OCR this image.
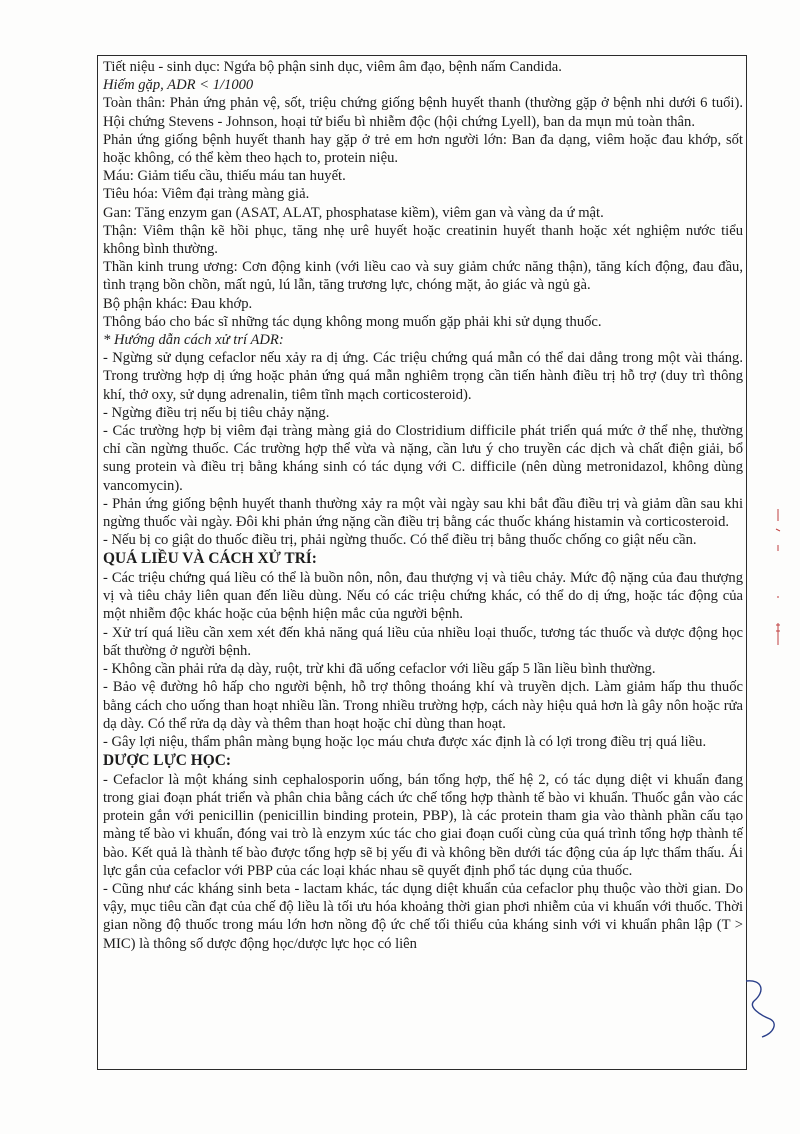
Tiết niệu - sinh dục: Ngứa bộ phận sinh dục, viêm âm đạo, bệnh nấm Candida.

Hiếm gặp, ADR < 1/1000

Toàn thân: Phản ứng phản vệ, sốt, triệu chứng giống bệnh huyết thanh (thường gặp ở bệnh nhi dưới 6 tuổi). Hội chứng Stevens - Johnson, hoại tử biểu bì nhiễm độc (hội chứng Lyell), ban da mụn mủ toàn thân.

Phản ứng giống bệnh huyết thanh hay gặp ở trẻ em hơn người lớn: Ban đa dạng, viêm hoặc đau khớp, sốt hoặc không, có thể kèm theo hạch to, protein niệu.

Máu: Giảm tiểu cầu, thiếu máu tan huyết.

Tiêu hóa: Viêm đại tràng màng giả.

Gan: Tăng enzym gan (ASAT, ALAT, phosphatase kiềm), viêm gan và vàng da ứ mật.

Thận: Viêm thận kẽ hồi phục, tăng nhẹ urê huyết hoặc creatinin huyết thanh hoặc xét nghiệm nước tiểu không bình thường.

Thần kinh trung ương: Cơn động kinh (với liều cao và suy giảm chức năng thận), tăng kích động, đau đầu, tình trạng bồn chồn, mất ngủ, lú lẫn, tăng trương lực, chóng mặt, ảo giác và ngủ gà.

Bộ phận khác: Đau khớp.

Thông báo cho bác sĩ những tác dụng không mong muốn gặp phải khi sử dụng thuốc.

* Hướng dẫn cách xử trí ADR:

- Ngừng sử dụng cefaclor nếu xảy ra dị ứng. Các triệu chứng quá mẫn có thể dai dẳng trong một vài tháng. Trong trường hợp dị ứng hoặc phản ứng quá mẫn nghiêm trọng cần tiến hành điều trị hỗ trợ (duy trì thông khí, thở oxy, sử dụng adrenalin, tiêm tĩnh mạch corticosteroid).

- Ngừng điều trị nếu bị tiêu chảy nặng.

- Các trường hợp bị viêm đại tràng màng giả do Clostridium difficile phát triển quá mức ở thể nhẹ, thường chỉ cần ngừng thuốc. Các trường hợp thể vừa và nặng, cần lưu ý cho truyền các dịch và chất điện giải, bổ sung protein và điều trị bằng kháng sinh có tác dụng với C. difficile (nên dùng metronidazol, không dùng vancomycin).

- Phản ứng giống bệnh huyết thanh thường xảy ra một vài ngày sau khi bắt đầu điều trị và giảm dần sau khi ngừng thuốc vài ngày. Đôi khi phản ứng nặng cần điều trị bằng các thuốc kháng histamin và corticosteroid.

- Nếu bị co giật do thuốc điều trị, phải ngừng thuốc. Có thể điều trị bằng thuốc chống co giật nếu cần.

QUÁ LIỀU VÀ CÁCH XỬ TRÍ:

- Các triệu chứng quá liều có thể là buồn nôn, nôn, đau thượng vị và tiêu chảy. Mức độ nặng của đau thượng vị và tiêu chảy liên quan đến liều dùng. Nếu có các triệu chứng khác, có thể do dị ứng, hoặc tác động của một nhiễm độc khác hoặc của bệnh hiện mắc của người bệnh.

- Xử trí quá liều cần xem xét đến khả năng quá liều của nhiều loại thuốc, tương tác thuốc và dược động học bất thường ở người bệnh.

- Không cần phải rửa dạ dày, ruột, trừ khi đã uống cefaclor với liều gấp 5 lần liều bình thường.

- Bảo vệ đường hô hấp cho người bệnh, hỗ trợ thông thoáng khí và truyền dịch. Làm giảm hấp thu thuốc bằng cách cho uống than hoạt nhiều lần. Trong nhiều trường hợp, cách này hiệu quả hơn là gây nôn hoặc rửa dạ dày. Có thể rửa dạ dày và thêm than hoạt hoặc chỉ dùng than hoạt.

- Gây lợi niệu, thẩm phân màng bụng hoặc lọc máu chưa được xác định là có lợi trong điều trị quá liều.

DƯỢC LỰC HỌC:

- Cefaclor là một kháng sinh cephalosporin uống, bán tổng hợp, thế hệ 2, có tác dụng diệt vi khuẩn đang trong giai đoạn phát triển và phân chia bằng cách ức chế tổng hợp thành tế bào vi khuẩn. Thuốc gắn vào các protein gắn với penicillin (penicillin binding protein, PBP), là các protein tham gia vào thành phần cấu tạo màng tế bào vi khuẩn, đóng vai trò là enzym xúc tác cho giai đoạn cuối cùng của quá trình tổng hợp thành tế bào. Kết quả là thành tế bào được tổng hợp sẽ bị yếu đi và không bền dưới tác động của áp lực thẩm thấu. Ái lực gắn của cefaclor với PBP của các loại khác nhau sẽ quyết định phổ tác dụng của thuốc.

- Cũng như các kháng sinh beta - lactam khác, tác dụng diệt khuẩn của cefaclor phụ thuộc vào thời gian. Do vậy, mục tiêu cần đạt của chế độ liều là tối ưu hóa khoảng thời gian phơi nhiễm của vi khuẩn với thuốc. Thời gian nồng độ thuốc trong máu lớn hơn nồng độ ức chế tối thiểu của kháng sinh với vi khuẩn phân lập (T > MIC) là thông số dược động học/dược lực học có liên
